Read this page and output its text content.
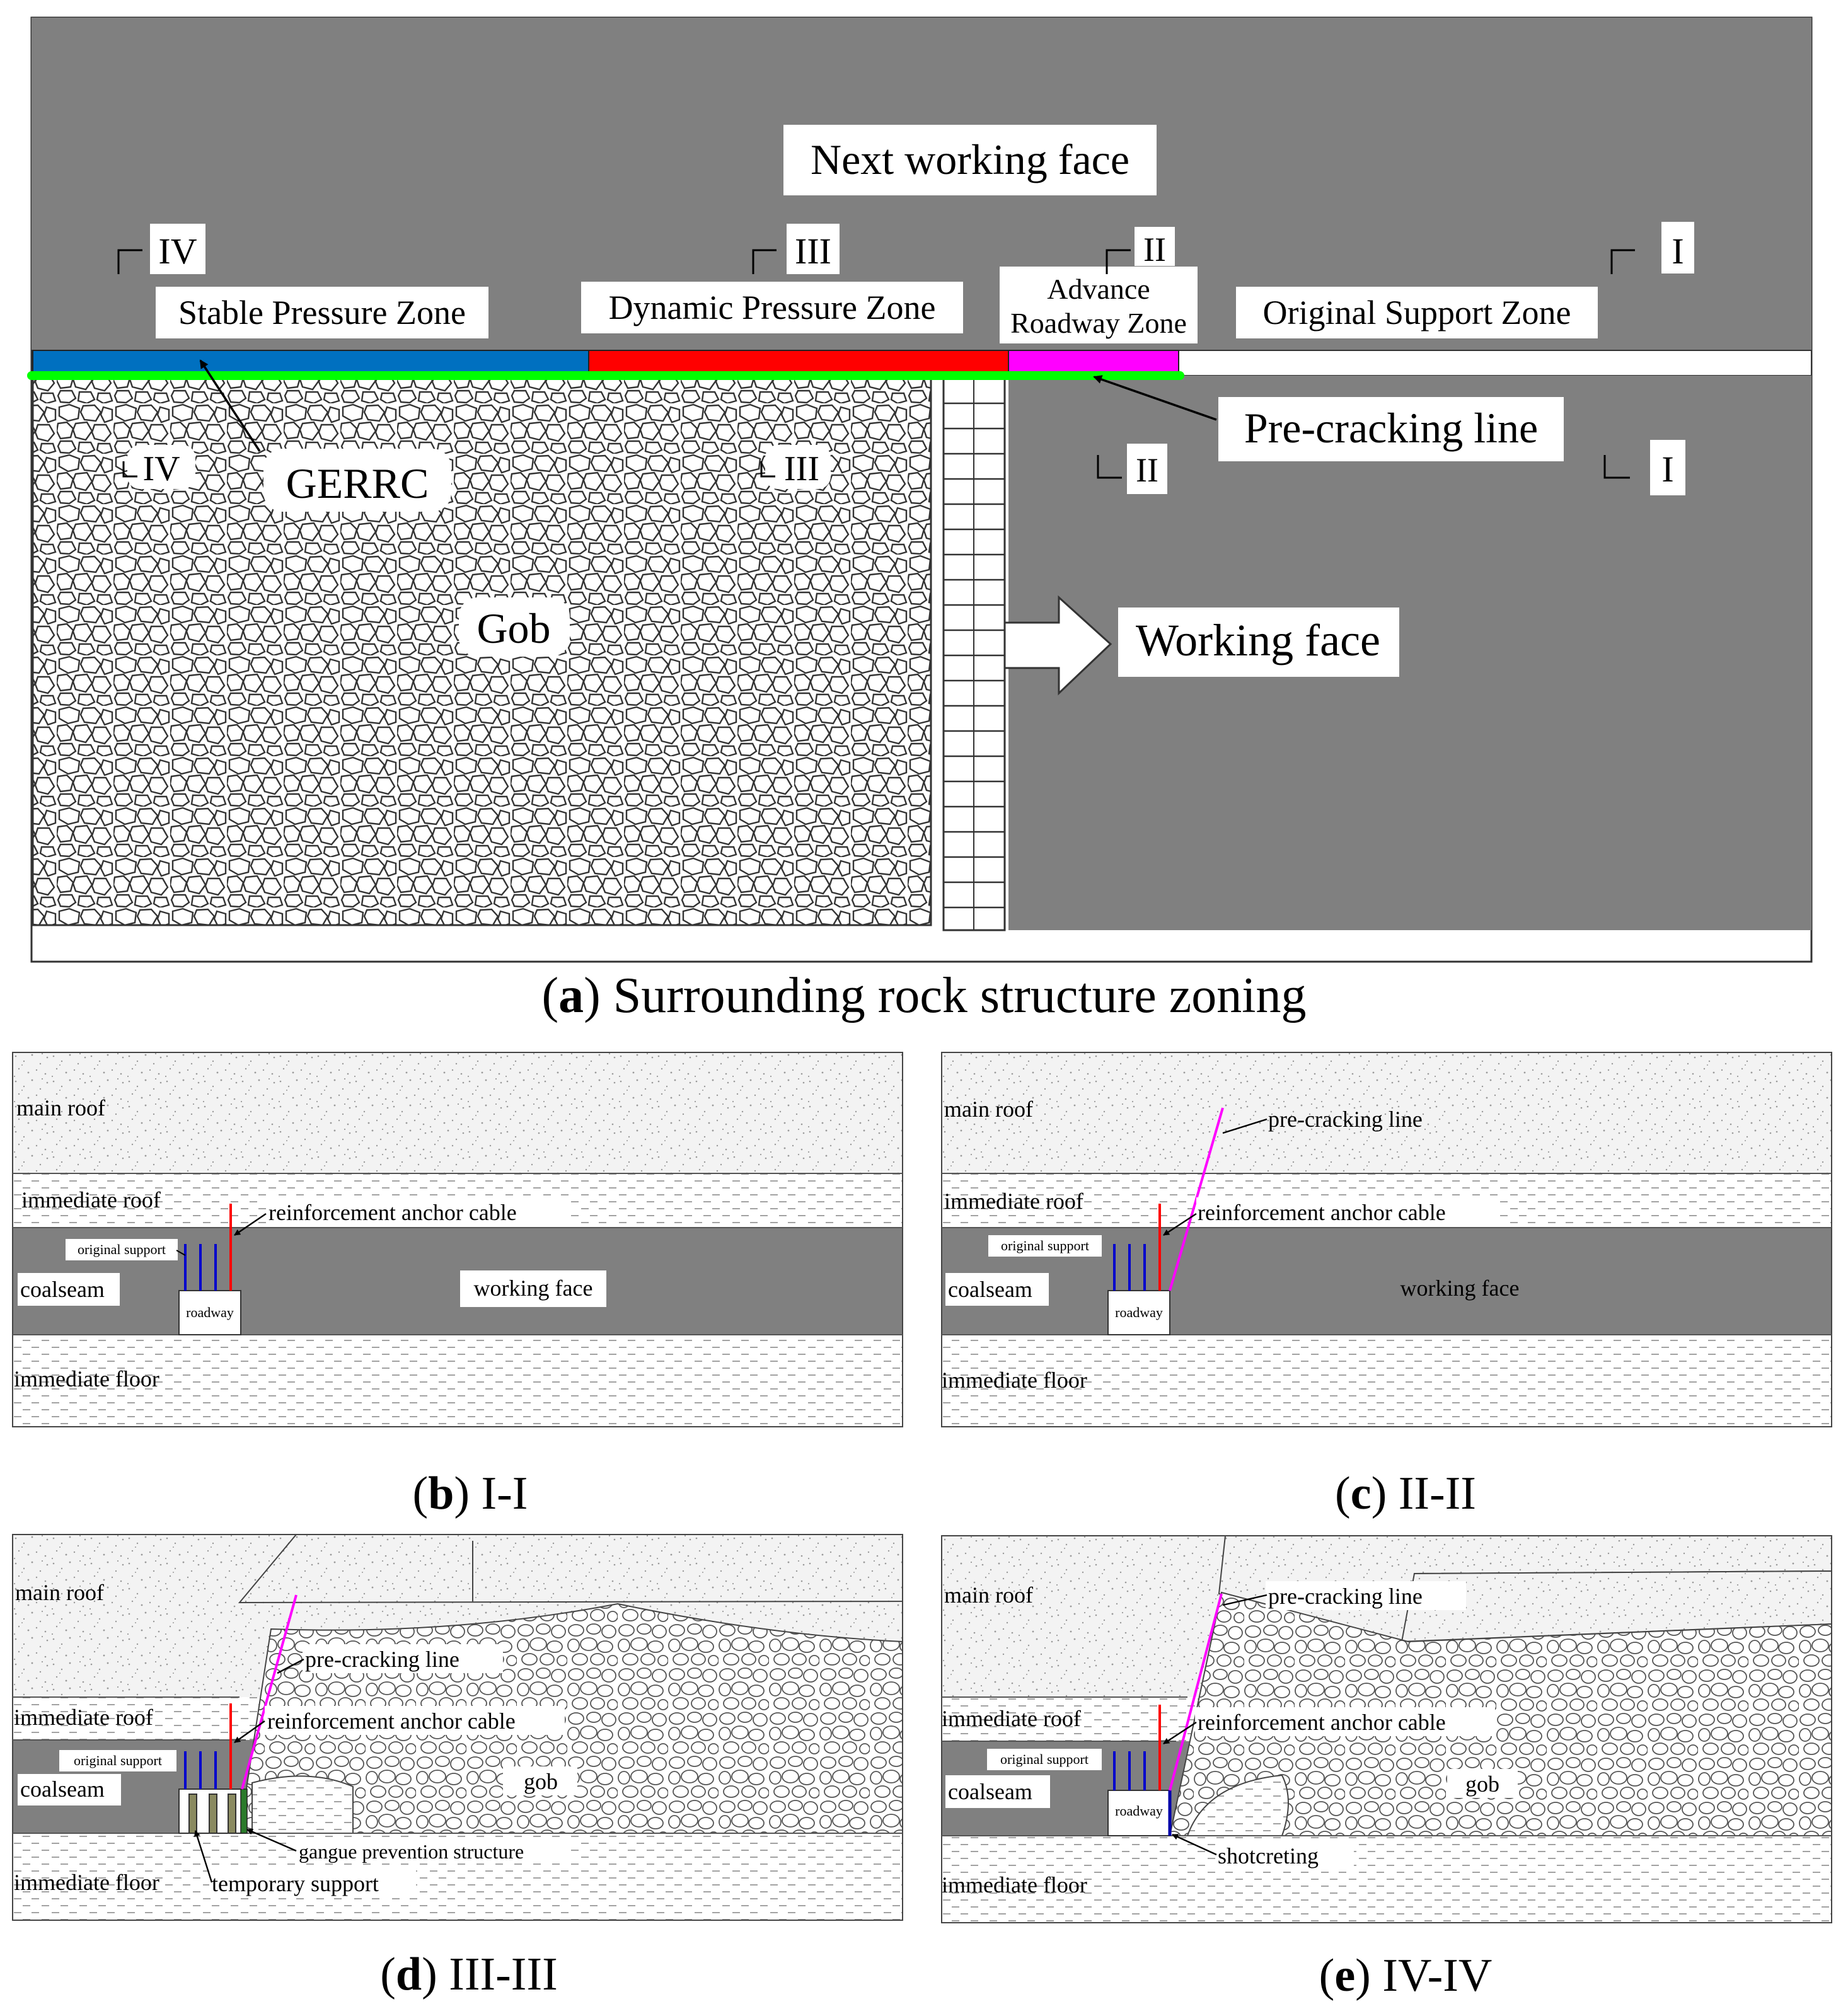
Next working face
Stable Pressure Zone	Dynamic Pressure Zone	Advance
Roadway Zone Original Support Zone
IV	III	II	I
II	I
IV	III
GERRC
Gob
Pre-cracking line
Working face
(a) Surrounding rock structure zoning
roadway
main roof
immediate roof
coalseam
immediate floor
working face
original support
reinforcement anchor cable
(b) I-I
roadway
main roof
immediate roof
coalseam
immediate floor
working face
original support
reinforcement anchor cable
pre-cracking line
(c) II-II
main roof
immediate roof
coalseam
immediate floor
original support
reinforcement anchor cable
pre-cracking line
gob
gangue prevention structure
temporary support
(d) III-III
roadway
main roof
immediate roof
coalseam
immediate floor
original support
reinforcement anchor cable
pre-cracking line
gob
shotcreting
(e) IV-IV
